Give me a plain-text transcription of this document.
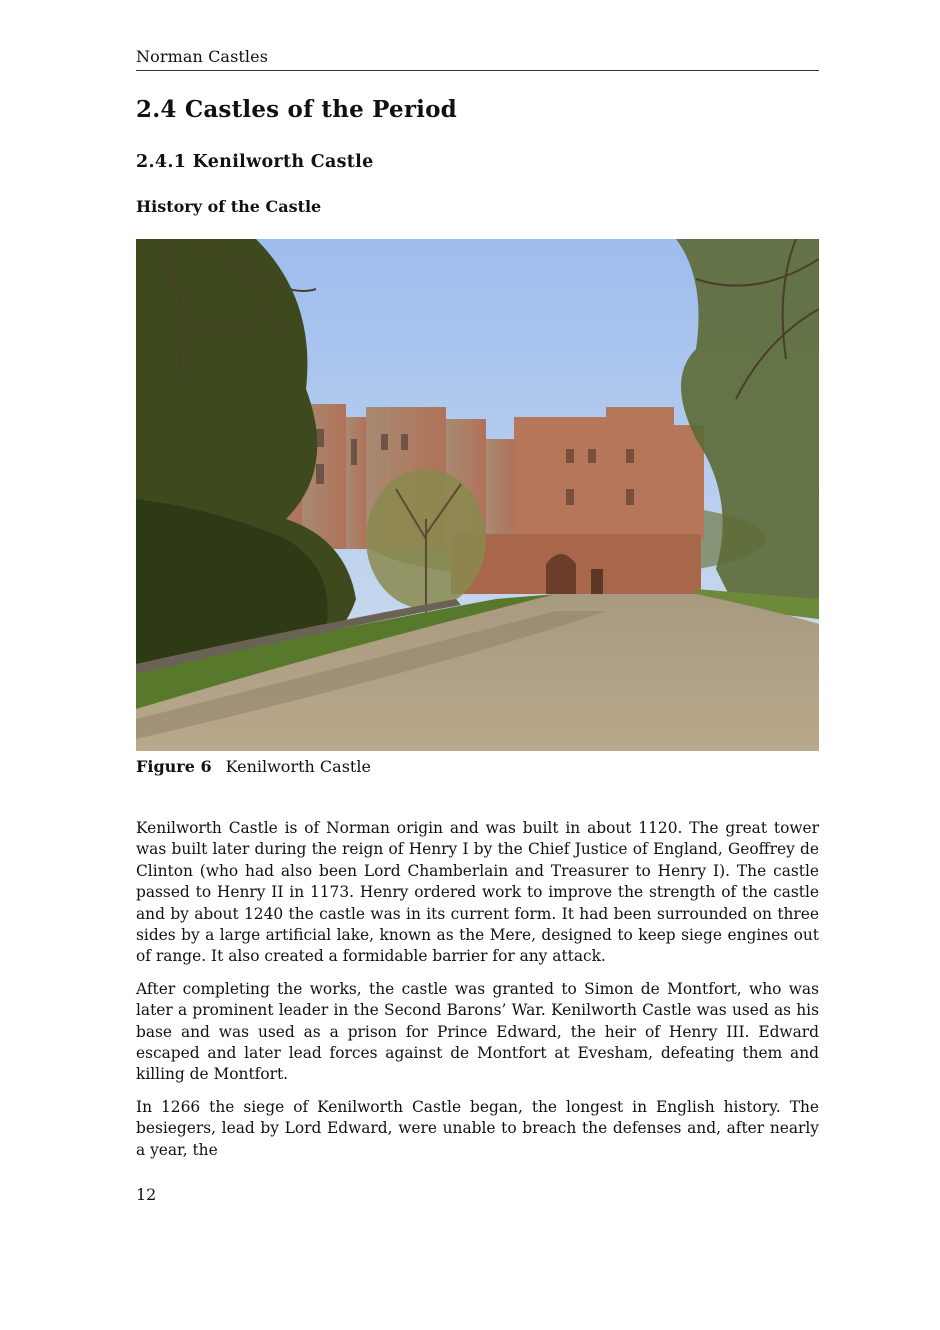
Norman Castles
2.4 Castles of the Period
2.4.1 Kenilworth Castle
History of the Castle
Figure 6 Kenilworth Castle

Kenilworth Castle is of Norman origin and was built in about 1120. The great tower was built later during the reign of Henry I by the Chief Justice of England, Geoffrey de Clinton (who had also been Lord Chamberlain and Treasurer to Henry I). The castle passed to Henry II in 1173. Henry ordered work to improve the strength of the castle and by about 1240 the castle was in its current form. It had been surrounded on three sides by a large artificial lake, known as the Mere, designed to keep siege engines out of range. It also created a formidable barrier for any attack.

After completing the works, the castle was granted to Simon de Montfort, who was later a prominent leader in the Second Barons’ War. Kenilworth Castle was used as his base and was used as a prison for Prince Edward, the heir of Henry III. Edward escaped and later lead forces against de Montfort at Evesham, defeating them and killing de Montfort.

In 1266 the siege of Kenilworth Castle began, the longest in English history. The besiegers, lead by Lord Edward, were unable to breach the defenses and, after nearly a year, the

12
